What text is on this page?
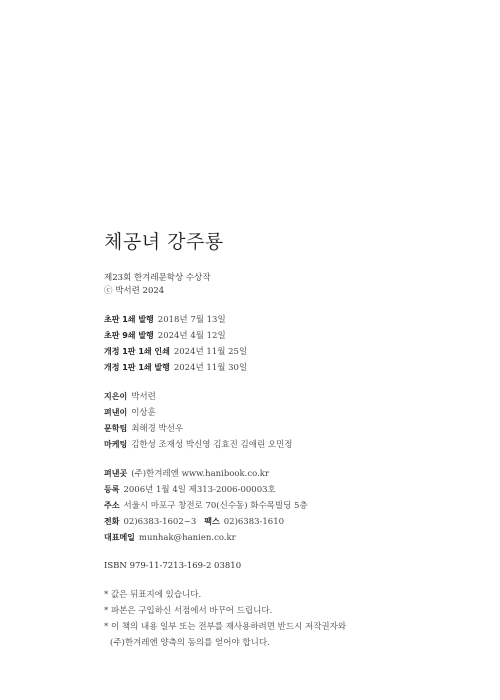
체공녀 강주룡
제23회 한겨레문학상 수상작
ⓒ 박서련 2024
초판 1쇄 발행 2018년 7월 13일
초판 9쇄 발행 2024년 4월 12일
개정 1판 1쇄 인쇄 2024년 11월 25일
개정 1판 1쇄 발행 2024년 11월 30일
지은이 박서련
펴낸이 이상훈
문학팀 최해경 박선우
마케팅 김한성 조재성 박신영 김효진 김애린 오민정
펴낸곳 (주)한겨레엔 www.hanibook.co.kr
등록 2006년 1월 4일 제313-2006-00003호
주소 서울시 마포구 창전로 70(신수동) 화수목빌딩 5층
전화 02)6383-1602~3 팩스 02)6383-1610
대표메일 munhak@hanien.co.kr
ISBN 979-11-7213-169-2 03810
* 값은 뒤표지에 있습니다.
* 파본은 구입하신 서점에서 바꾸어 드립니다.
* 이 책의 내용 일부 또는 전부를 재사용하려면 반드시 저작권자와
(주)한겨레엔 양측의 동의를 얻어야 합니다.
